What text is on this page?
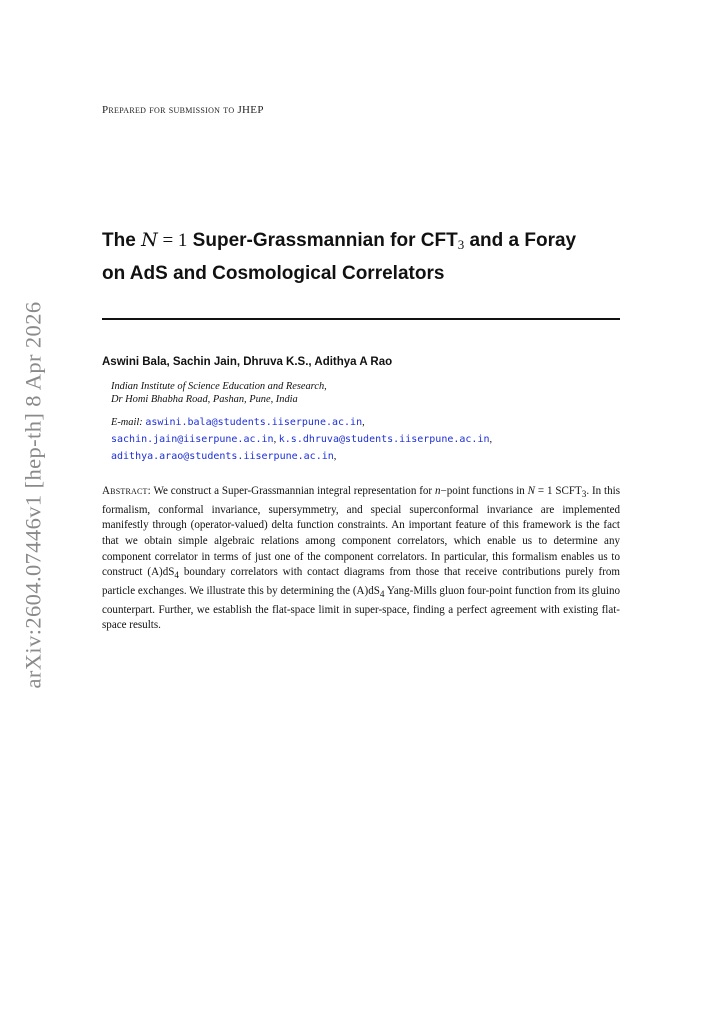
arXiv:2604.07446v1 [hep-th] 8 Apr 2026
Prepared for submission to JHEP
The N = 1 Super-Grassmannian for $CFT_3$ and a Foray
on AdS and Cosmological Correlators
Aswini Bala, Sachin Jain, Dhruva K.S., Adithya A Rao
Indian Institute of Science Education and Research,
Dr Homi Bhabha Road, Pashan, Pune, India
E-mail: aswini.bala@students.iiserpune.ac.in,
sachin.jain@iiserpune.ac.in, k.s.dhruva@students.iiserpune.ac.in,
adithya.arao@students.iiserpune.ac.in,
Abstract: We construct a Super-Grassmannian integral representation for n−point functions in N = 1 $SCFT_3$. In this formalism, conformal invariance, supersymmetry, and special superconformal invariance are implemented manifestly through (operator-valued) delta function constraints. An important feature of this framework is the fact that we obtain simple algebraic relations among component correlators, which enable us to determine any component correlator in terms of just one of the component correlators. In particular, this formalism enables us to construct $(A)dS_4$ boundary correlators with contact diagrams from those that receive contributions purely from particle exchanges. We illustrate this by determining the $(A)dS_4$ Yang-Mills gluon four-point function from its gluino counterpart. Further, we establish the flat-space limit in super-space, finding a perfect agreement with existing flat-space results.
